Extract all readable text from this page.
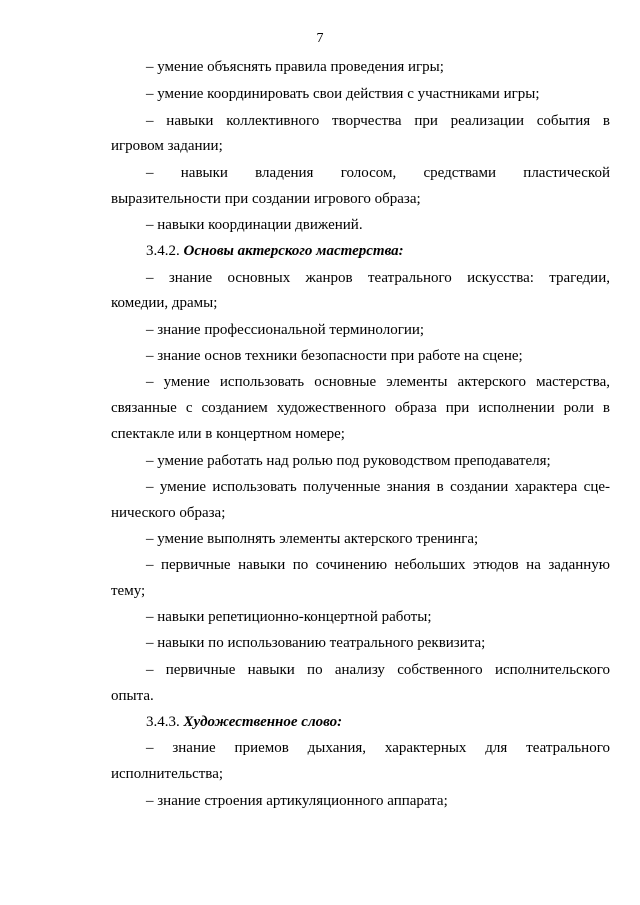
7
– умение объяснять правила проведения игры;
– умение координировать свои действия с участниками игры;
– навыки коллективного творчества при реализации события в
игровом задании;
– навыки владения голосом, средствами пластической
выразительности при создании игрового образа;
– навыки координации движений.
3.4.2. Основы актерского мастерства:
– знание основных жанров театрального искусства: трагедии,
комедии, драмы;
– знание профессиональной терминологии;
– знание основ техники безопасности при работе на сцене;
– умение использовать основные элементы актерского мастерства,
связанные с созданием художественного образа при исполнении роли в
спектакле или в концертном номере;
– умение работать над ролью под руководством преподавателя;
– умение использовать полученные знания в создании характера сце-
нического образа;
– умение выполнять элементы актерского тренинга;
– первичные навыки по сочинению небольших этюдов на заданную
тему;
– навыки репетиционно-концертной работы;
– навыки по использованию театрального реквизита;
– первичные навыки по анализу собственного исполнительского
опыта.
3.4.3. Художественное слово:
– знание приемов дыхания, характерных для театрального
исполнительства;
– знание строения артикуляционного аппарата;
